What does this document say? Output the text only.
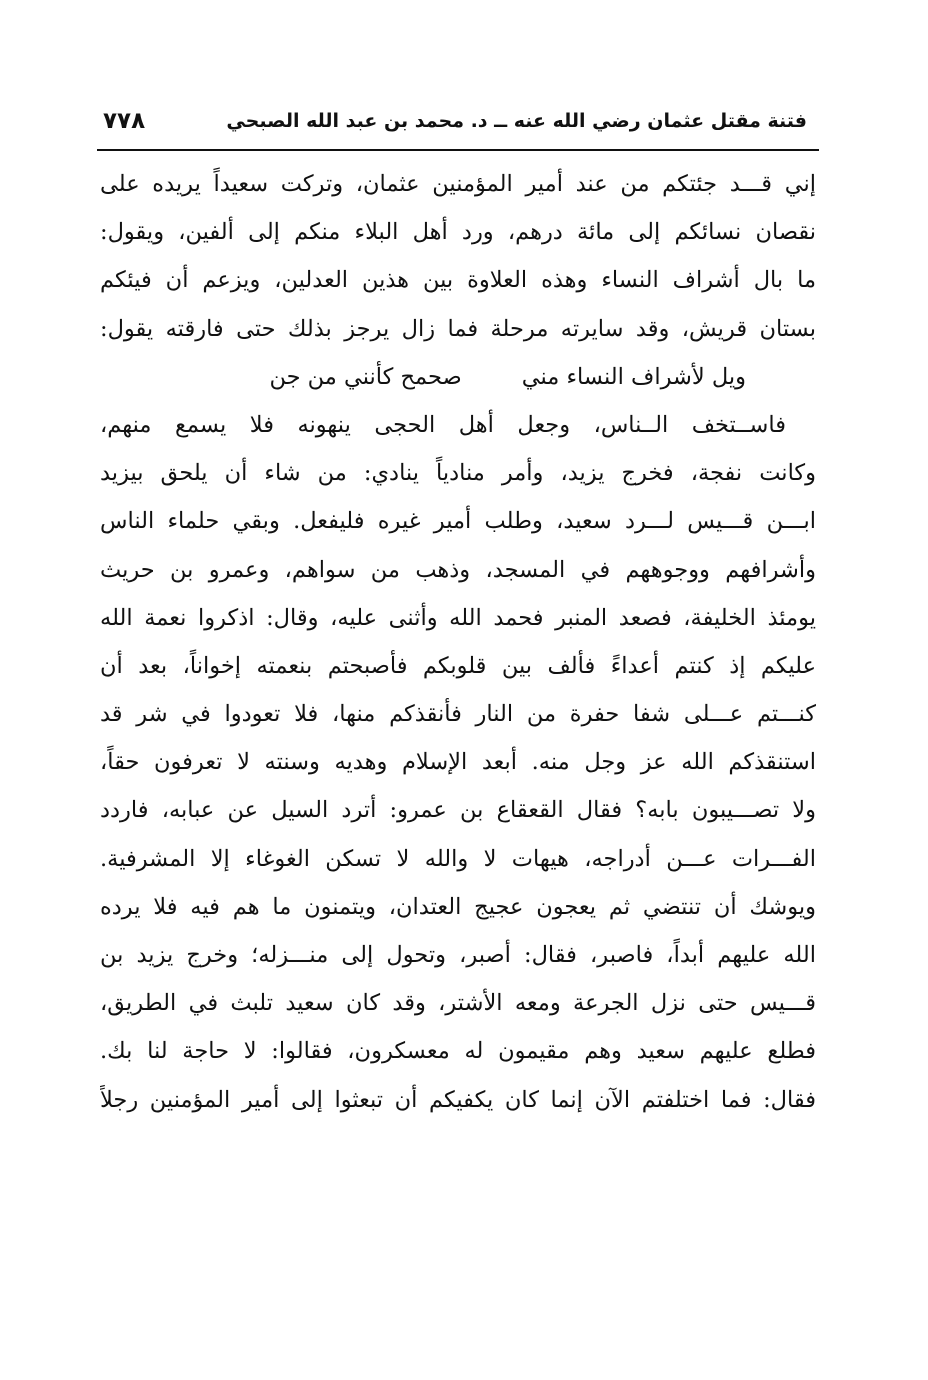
فتنة مقتل عثمان رضي الله عنه ــ د. محمد بن عبد الله الصبحي
٧٧٨
إني قـــد جئتكم من عند أمير المؤمنين عثمان، وتركت سعيداً يريده على
نقصان نسائكم إلى مائة درهم، ورد أهل البلاء منكم إلى ألفين، ويقول:
ما بال أشراف النساء وهذه العلاوة بين هذين العدلين، ويزعم أن فيئكم
بستان قريش، وقد سايرته مرحلة فما زال يرجز بذلك حتى فارقته يقول:
ويل لأشراف النساء مني
صحمح كأنني من جن
فاســتخف الــناس، وجعل أهل الحجى ينهونه فلا يسمع منهم،
وكانت نفجة، فخرج يزيد، وأمر منادياً ينادي: من شاء أن يلحق بيزيد
ابـــن قـــيس لـــرد سعيد، وطلب أمير غيره فليفعل. وبقي حلماء الناس
وأشرافهم ووجوههم في المسجد، وذهب من سواهم، وعمرو بن حريث
يومئذ الخليفة، فصعد المنبر فحمد الله وأثنى عليه، وقال: اذكروا نعمة الله
عليكم إذ كنتم أعداءً فألف بين قلوبكم فأصبحتم بنعمته إخواناً، بعد أن
كنـــتم عـــلى شفا حفرة من النار فأنقذكم منها، فلا تعودوا في شر قد
استنقذكم الله عز وجل منه. أبعد الإسلام وهديه وسنته لا تعرفون حقاً،
ولا تصـــيبون بابه؟ فقال القعقاع بن عمرو: أترد السيل عن عبابه، فاردد
الفـــرات عـــن أدراجه، هيهات لا والله لا تسكن الغوغاء إلا المشرفية.
ويوشك أن تنتضي ثم يعجون عجيج العتدان، ويتمنون ما هم فيه فلا يرده
الله عليهم أبداً، فاصبر، فقال: أصبر، وتحول إلى منـــزله؛ وخرج يزيد بن
قـــيس حتى نزل الجرعة ومعه الأشتر، وقد كان سعيد تلبث في الطريق،
فطلع عليهم سعيد وهم مقيمون له معسكرون، فقالوا: لا حاجة لنا بك.
فقال: فما اختلفتم الآن إنما كان يكفيكم أن تبعثوا إلى أمير المؤمنين رجلاً
